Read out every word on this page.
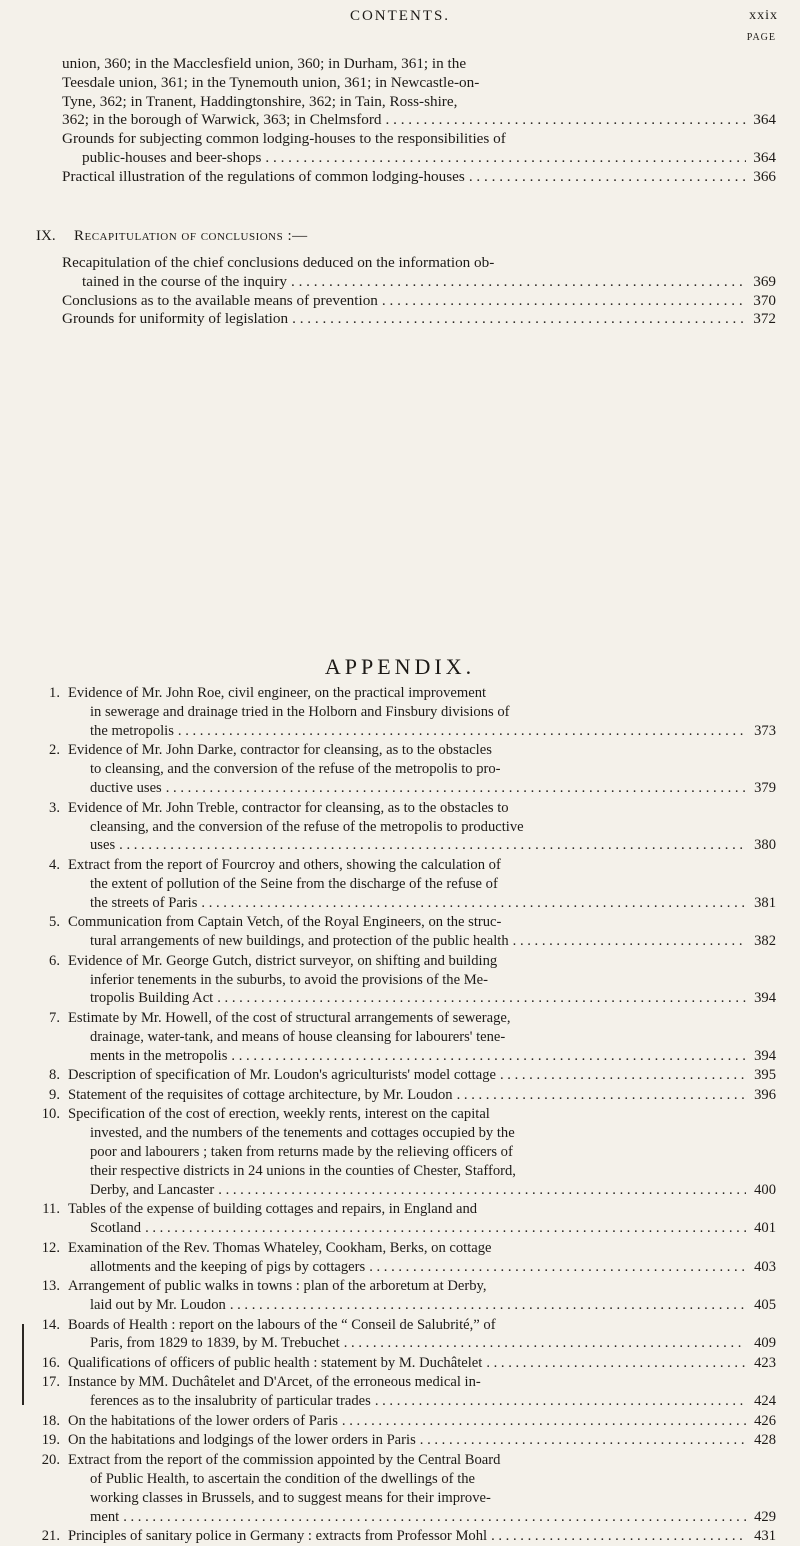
CONTENTS.	xxix
PAGE
union, 360; in the Macclesfield union, 360; in Durham, 361; in the
Teesdale union, 361; in the Tynemouth union, 361; in Newcastle-on-
Tyne, 362; in Tranent, Haddingtonshire, 362; in Tain, Ross-shire,
362; in the borough of Warwick, 363; in Chelmsford . . .	364
Grounds for subjecting common lodging-houses to the responsibilities of
public-houses and beer-shops . . .	364
Practical illustration of the regulations of common lodging-houses . . .	366
IX. Recapitulation of conclusions :—
Recapitulation of the chief conclusions deduced on the information ob-
tained in the course of the inquiry . . .	369
Conclusions as to the available means of prevention . . .	370
Grounds for uniformity of legislation . . .	372
APPENDIX.
1. Evidence of Mr. John Roe, civil engineer, on the practical improvement
in sewerage and drainage tried in the Holborn and Finsbury divisions of
the metropolis . . .	373
2. Evidence of Mr. John Darke, contractor for cleansing, as to the obstacles
to cleansing, and the conversion of the refuse of the metropolis to pro-
ductive uses . . .	379
3. Evidence of Mr. John Treble, contractor for cleansing, as to the obstacles to
cleansing, and the conversion of the refuse of the metropolis to productive
uses . . .	380
4. Extract from the report of Fourcroy and others, showing the calculation of
the extent of pollution of the Seine from the discharge of the refuse of
the streets of Paris . . .	381
5. Communication from Captain Vetch, of the Royal Engineers, on the struc-
tural arrangements of new buildings, and protection of the public health . . .	382
6. Evidence of Mr. George Gutch, district surveyor, on shifting and building
inferior tenements in the suburbs, to avoid the provisions of the Me-
tropolis Building Act . . .	394
7. Estimate by Mr. Howell, of the cost of structural arrangements of sewerage,
drainage, water-tank, and means of house cleansing for labourers' tene-
ments in the metropolis . . .	394
8. Description of specification of Mr. Loudon's agriculturists' model cottage . . .	395
9. Statement of the requisites of cottage architecture, by Mr. Loudon . . .	396
10. Specification of the cost of erection, weekly rents, interest on the capital
invested, and the numbers of the tenements and cottages occupied by the
poor and labourers ; taken from returns made by the relieving officers of
their respective districts in 24 unions in the counties of Chester, Stafford,
Derby, and Lancaster . . .	400
11. Tables of the expense of building cottages and repairs, in England and
Scotland . . .	401
12. Examination of the Rev. Thomas Whateley, Cookham, Berks, on cottage
allotments and the keeping of pigs by cottagers . . .	403
13. Arrangement of public walks in towns : plan of the arboretum at Derby,
laid out by Mr. Loudon . . .	405
14. Boards of Health : report on the labours of the “ Conseil de Salubrité,” of
Paris, from 1829 to 1839, by M. Trebuchet . . .	409
16. Qualifications of officers of public health : statement by M. Duchâtelet . . .	423
17. Instance by MM. Duchâtelet and D'Arcet, of the erroneous medical in-
ferences as to the insalubrity of particular trades . . .	424
18. On the habitations of the lower orders of Paris . . .	426
19. On the habitations and lodgings of the lower orders in Paris . . .	428
20. Extract from the report of the commission appointed by the Central Board
of Public Health, to ascertain the condition of the dwellings of the
working classes in Brussels, and to suggest means for their improve-
ment . . .	429
21. Principles of sanitary police in Germany : extracts from Professor Mohl . . .	431
